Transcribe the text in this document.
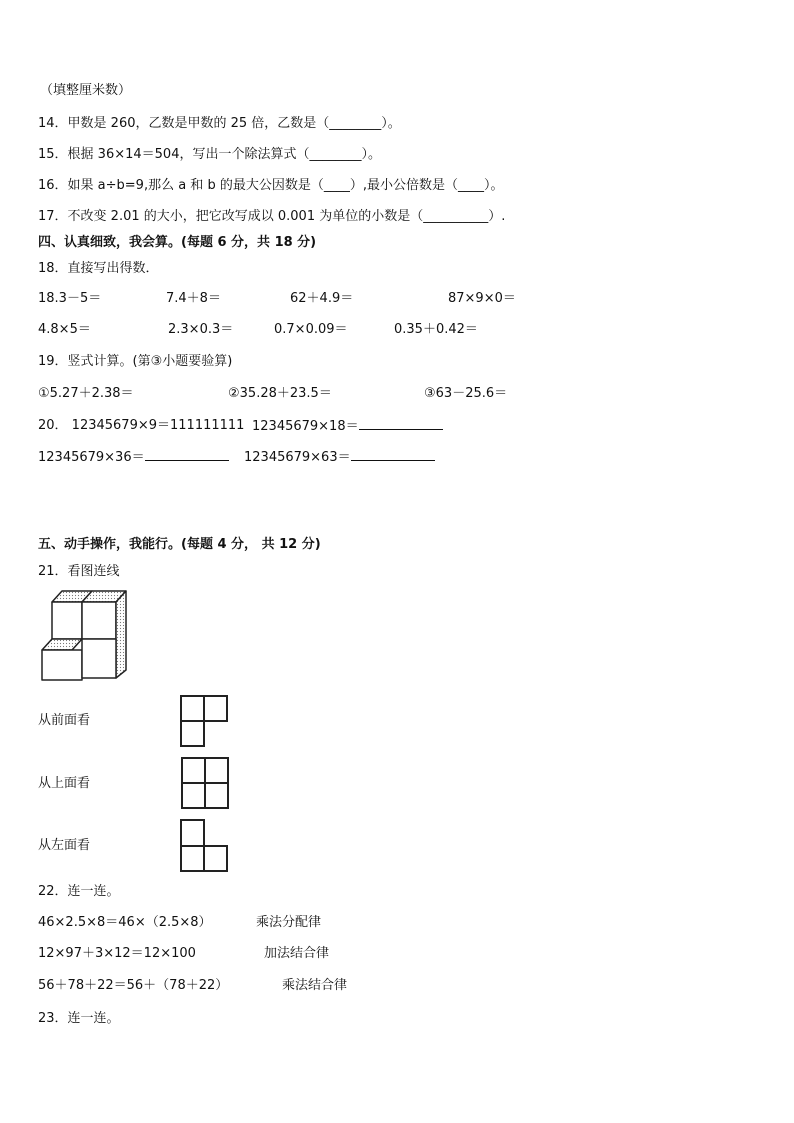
（填整厘米数）
14．甲数是 260，乙数是甲数的 25 倍，乙数是（________）。
15．根据 36×14＝504，写出一个除法算式（________）。
16．如果 a÷b=9,那么 a 和 b 的最大公因数是（____）,最小公倍数是（____）。
17．不改变 2.01 的大小，把它改写成以 0.001 为单位的小数是（__________）.
四、认真细致，我会算。(每题 6 分，共 18 分)
18．直接写出得数．
18.3－5＝	7.4＋8＝	62＋4.9＝	87×9×0＝
4.8×5＝	2.3×0.3＝	0.7×0.09＝	0.35＋0.42＝
19．竖式计算。(第③小题要验算)
①5.27＋2.38＝	②35.28＋23.5＝	③63－25.6＝
20． 12345679×9＝111111111 12345679×18＝
12345679×36＝	12345679×63＝
五、动手操作，我能行。(每题 4 分， 共 12 分)
21．看图连线
从前面看
从上面看
从左面看
22．连一连。
46×2.5×8＝46×（2.5×8）	乘法分配律
12×97＋3×12＝12×100	加法结合律
56＋78＋22＝56＋（78＋22）	乘法结合律
23．连一连。
